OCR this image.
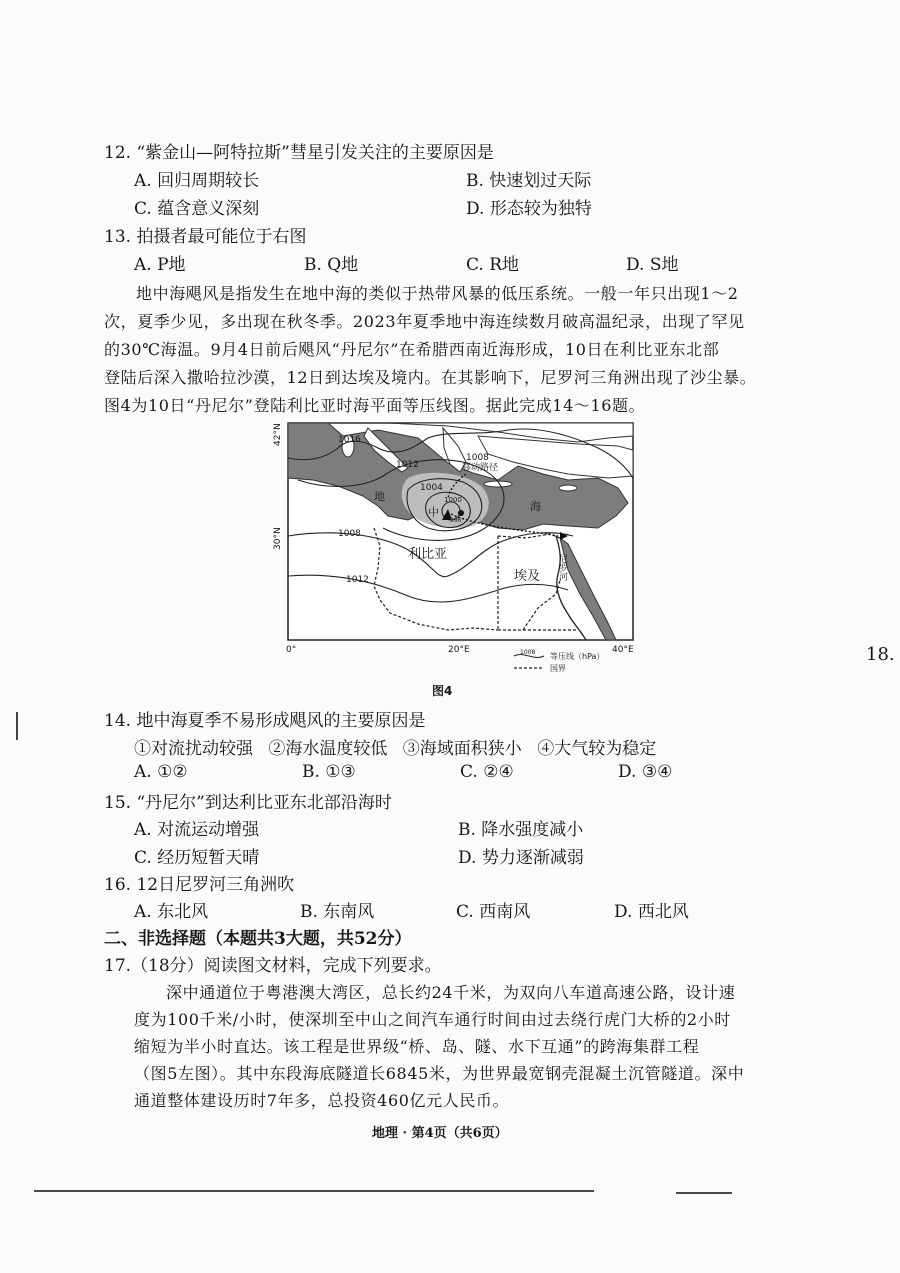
12. “紫金山—阿特拉斯”彗星引发关注的主要原因是
A. 回归周期较长	B. 快速划过天际
C. 蕴含意义深刻	D. 形态较为独特
13. 拍摄者最可能位于右图
A. P地	B. Q地	C. R地	D. S地
地中海飓风是指发生在地中海的类似于热带风暴的低压系统。一般一年只出现1～2
次，夏季少见，多出现在秋冬季。2023年夏季地中海连续数月破高温纪录，出现了罕见
的30℃海温。9月4日前后飓风“丹尼尔”在希腊西南近海形成，10日在利比亚东北部
登陆后深入撒哈拉沙漠，12日到达埃及境内。在其影响下，尼罗河三角洲出现了沙尘暴。
图4为10日“丹尼尔”登陆利比亚时海平面等压线图。据此完成14～16题。
1016
1012
1004
1000
996
1008
1012
1008
地
中	海
利比亚
埃及 尼罗河
移动路径
42°N
30°N
0°	20°E	40°E
1008 等压线（hPa）
国界
图4
18.
14. 地中海夏季不易形成飓风的主要原因是
①对流扰动较强 ②海水温度较低 ③海域面积狭小 ④大气较为稳定
A. ①②	B. ①③	C. ②④	D. ③④
15. “丹尼尔”到达利比亚东北部沿海时
A. 对流运动增强	B. 降水强度减小
C. 经历短暂天晴	D. 势力逐渐减弱
16. 12日尼罗河三角洲吹
A. 东北风	B. 东南风	C. 西南风	D. 西北风
二、非选择题（本题共3大题，共52分）
17.（18分）阅读图文材料，完成下列要求。
深中通道位于粤港澳大湾区，总长约24千米，为双向八车道高速公路，设计速
度为100千米/小时，使深圳至中山之间汽车通行时间由过去绕行虎门大桥的2小时
缩短为半小时直达。该工程是世界级“桥、岛、隧、水下互通”的跨海集群工程
（图5左图）。其中东段海底隧道长6845米，为世界最宽钢壳混凝土沉管隧道。深中
通道整体建设历时7年多，总投资460亿元人民币。
地理 · 第4页（共6页）
